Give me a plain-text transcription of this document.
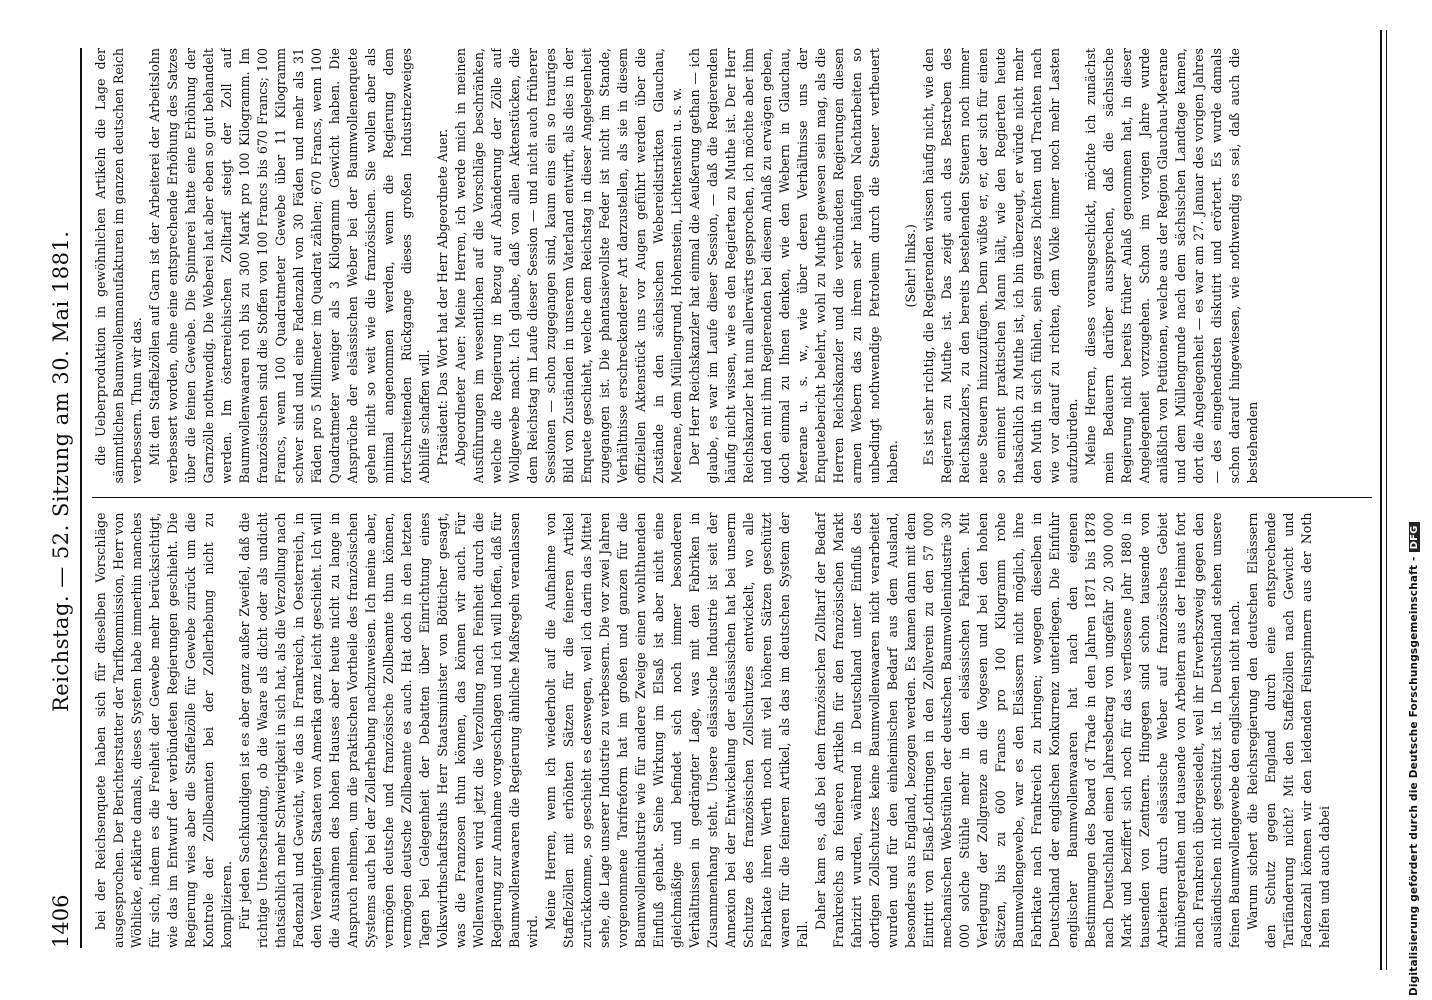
1406
Reichstag. — 52. Sitzung am 30. Mai 1881.

bei der Reichsenquete haben sich für dieselben Vorschläge ausgesprochen. Der Berichterstatter der Tarifkommission, Herr von Wöhlicke, erklärte damals, dieses System habe immerhin manches für sich, indem es die Freiheit der Gewebe mehr berücksichtigt, wie das im Entwurf der verbündeten Regierungen geschieht. Die Regierung wies aber die Staffelzölle für Gewebe zurück um die Kontrole der Zollbeamten bei der Zollerhebung nicht zu komplizieren. Für jeden Sachkundigen ist es aber ganz außer Zweifel, daß die richtige Unterscheidung, ob die Waare als dicht oder als undicht thatsächlich mehr Schwierigkeit in sich hat, als die Verzollung nach Fadenzahl und Gewicht, wie das in Frankreich, in Oesterreich, in den Vereinigten Staaten von Amerika ganz leicht geschieht. Ich will die Ausnahmen des hohen Hauses aber heute nicht zu lange in Anspruch nehmen, um die praktischen Vortheile des französischen Systems auch bei der Zollerhebung nachzuweisen. Ich meine aber, vermögen deutsche und französische Zollbeamte thun können, vermögen deutsche Zollbeamte es auch. Hat doch in den letzten Tagen bei Gelegenheit der Debatten über Einrichtung eines Volkswirthschaftsraths Herr Staatsminister von Bötticher gesagt, was die Franzosen thun können, das können wir auch. Für Wollenwaaren wird jetzt die Verzollung nach Feinheit durch die Regierung zur Annahme vorgeschlagen und ich will hoffen, daß für Baumwollenwaaren die Regierung ähnliche Maßregeln veranlassen wird.

Meine Herren, wenn ich wiederholt auf die Aufnahme von Staffelzöllen mit erhöhten Sätzen für die feineren Artikel zurückkomme, so geschieht es deswegen, weil ich darin das Mittel sehe, die Lage unserer Industrie zu verbessern. Die vor zwei Jahren vorgenommene Tarifreform hat im großen und ganzen für die Baumwollenindustrie wie für andere Zweige einen wohlthuenden Einfluß gehabt. Seine Wirkung im Elsaß ist aber nicht eine gleichmäßige und befindet sich noch immer besonderen Verhältnissen in gedrängter Lage, was mit den Fabriken in Zusammenhang steht. Unsere elsässische Industrie ist seit der Annexion bei der Entwickelung der elsässischen hat bei unserm Schutze des französischen Zollschutzes entwickelt, wo alle Fabrikate ihren Werth noch mit viel höheren Sätzen geschützt waren für die feineren Artikel, als das im deutschen System der Fall.

Daher kam es, daß bei dem französischen Zolltarif der Bedarf Frankreichs an feineren Artikeln für den französischen Markt fabrizirt wurden, während in Deutschland unter Einfluß des dortigen Zollschutzes keine Baumwollenwaaren nicht verarbeitet wurden und für den einheimischen Bedarf aus dem Ausland, besonders aus England, bezogen werden. Es kamen dann mit dem Eintritt von Elsaß-Lothringen in den Zollverein zu den 57 000 mechanischen Webstühlen der deutschen Baumwollenindustrie 30 000 solche Stühle mehr in den elsässischen Fabriken. Mit Verlegung der Zollgrenze an die Vogesen und bei den hohen Sätzen, bis zu 600 Francs pro 100 Kilogramm rohe Baumwollengewebe, war es den Elsässern nicht möglich, ihre Fabrikate nach Frankreich zu bringen; wogegen dieselben in Deutschland der englischen Konkurrenz unterliegen. Die Einfuhr englischer Baumwollenwaaren hat nach den eigenen Bestimmungen des Board of Trade in den Jahren 1871 bis 1878 nach Deutschland einen Jahresbetrag von ungefähr 20 300 000 Mark und beziffert sich noch für das verflossene Jahr 1880 in tausenden von Zentnern. Hingegen sind schon tausende von Arbeitern durch elsässische Weber auf französisches Gebiet hinübergerathen und tausende von Arbeitern aus der Heimat fort nach Frankreich übergesiedelt, weil ihr Erwerbszweig gegen den ausländischen nicht geschützt ist. In Deutschland stehen unsere feinen Baumwollengewebe den englischen nicht nach. Warum sichert die Reichsregierung den deutschen Elsässern den Schutz gegen England durch eine entsprechende Tarifänderung nicht? Mit den Staffelzöllen nach Gewicht und Fadenzahl können wir den leidenden Feinspinnern aus der Noth helfen und auch dabei

die Ueberproduktion in gewöhnlichen Artikeln die Lage der sämmtlichen Baumwollenmanufakturen im ganzen deutschen Reich verbessern. Thun wir das. Mit den Staffelzöllen auf Garn ist der Arbeiterei der Arbeitslohn verbessert worden, ohne eine entsprechende Erhöhung des Satzes über die feinen Gewebe. Die Spinnerei hatte eine Erhöhung der Garnzölle nothwendig. Die Weberei hat aber eben so gut behandelt werden. Im österreichischen Zolltarif steigt der Zoll auf Baumwollenwaaren roh bis zu 300 Mark pro 100 Kilogramm. Im französischen sind die Stoffen von 100 Francs bis 670 Francs; 100 Francs, wenn 100 Quadratmeter Gewebe über 11 Kilogramm schwer sind und eine Fadenzahl von 30 Fäden und mehr als 31 Fäden pro 5 Millimeter im Quadrat zählen; 670 Francs, wenn 100 Quadratmeter weniger als 3 Kilogramm Gewicht haben. Die Ansprüche der elsässischen Weber bei der Baumwollenenquete gehen nicht so weit wie die französischen. Sie wollen aber als minimal angenommen werden, wenn die Regierung dem fortschreitenden Rückgange dieses großen Industriezweiges Abhilfe schaffen will. Präsident: Das Wort hat der Herr Abgeordnete Auer. Abgeordneter Auer: Meine Herren, ich werde mich in meinen Ausführungen im wesentlichen auf die Vorschläge beschränken, welche die Regierung in Bezug auf Abänderung der Zölle auf Wollgewebe macht. Ich glaube, daß von allen Aktenstücken, die dem Reichstag im Laufe dieser Session — und nicht auch früherer Sessionen — schon zugegangen sind, kaum eins ein so trauriges Bild von Zuständen in unserem Vaterland entwirft, als dies in der Enquete geschieht, welche dem Reichstag in dieser Angelegenheit zugegangen ist. Die phantasievollste Feder ist nicht im Stande, Verhältnisse erschreckenderer Art darzustellen, als sie in diesem offiziellen Aktenstück uns vor Augen geführt werden über die Zustände in den sächsischen Webereidistrikten Glauchau, Meerane, dem Müllengrund, Hohenstein, Lichtenstein u. s. w. Der Herr Reichskanzler hat einmal die Aeußerung gethan — ich glaube, es war im Laufe dieser Session, — daß die Regierenden häufig nicht wissen, wie es den Regierten zu Muthe ist. Der Herr Reichskanzler hat nun allerwärts gesprochen, ich möchte aber ihm und den mit ihm Regierenden bei diesem Anlaß zu erwägen geben, doch einmal zu Ihnen denken, wie den Webern in Glauchau, Meerane u. s. w., wie über deren Verhältnisse uns der Enquetebericht belehrt, wohl zu Muthe gewesen sein mag, als die Herren Reichskanzler und die verbündeten Regierungen diesen armen Webern das zu ihrem sehr häufigen Nachtarbeiten so unbedingt nothwendige Petroleum durch die Steuer vertheuert haben.

(Sehr! links.) Es ist sehr richtig, die Regierenden wissen häufig nicht, wie den Regierten zu Muthe ist. Das zeigt auch das Bestreben des Reichskanzlers, zu den bereits bestehenden Steuern noch immer neue Steuern hinzuzufügen. Denn wüßte er, er, der sich für einen so eminent praktischen Mann hält, wie den Regierten heute thatsächlich zu Muthe ist, ich bin überzeugt, er würde nicht mehr den Muth in sich fühlen, sein ganzes Dichten und Trachten nach wie vor darauf zu richten, dem Volke immer noch mehr Lasten aufzubürden. Meine Herren, dieses vorausgeschickt, möchte ich zunächst mein Bedauern darüber aussprechen, daß die sächsische Regierung nicht bereits früher Anlaß genommen hat, in dieser Angelegenheit vorzugehen. Schon im vorigen Jahre wurde anläßlich von Petitionen, welche aus der Region Glauchau-Meerane und dem Müllengrunde nach dem sächsischen Landtage kamen, dort die Angelegenheit — es war am 27. Januar des vorigen Jahres — des eingehendsten diskutirt und erörtert. Es wurde damals schon darauf hingewiesen, wie nothwendig es sei, daß auch die bestehenden

Digitalisierung gefördert durch die Deutsche Forschungsgemeinschaft -DFG
